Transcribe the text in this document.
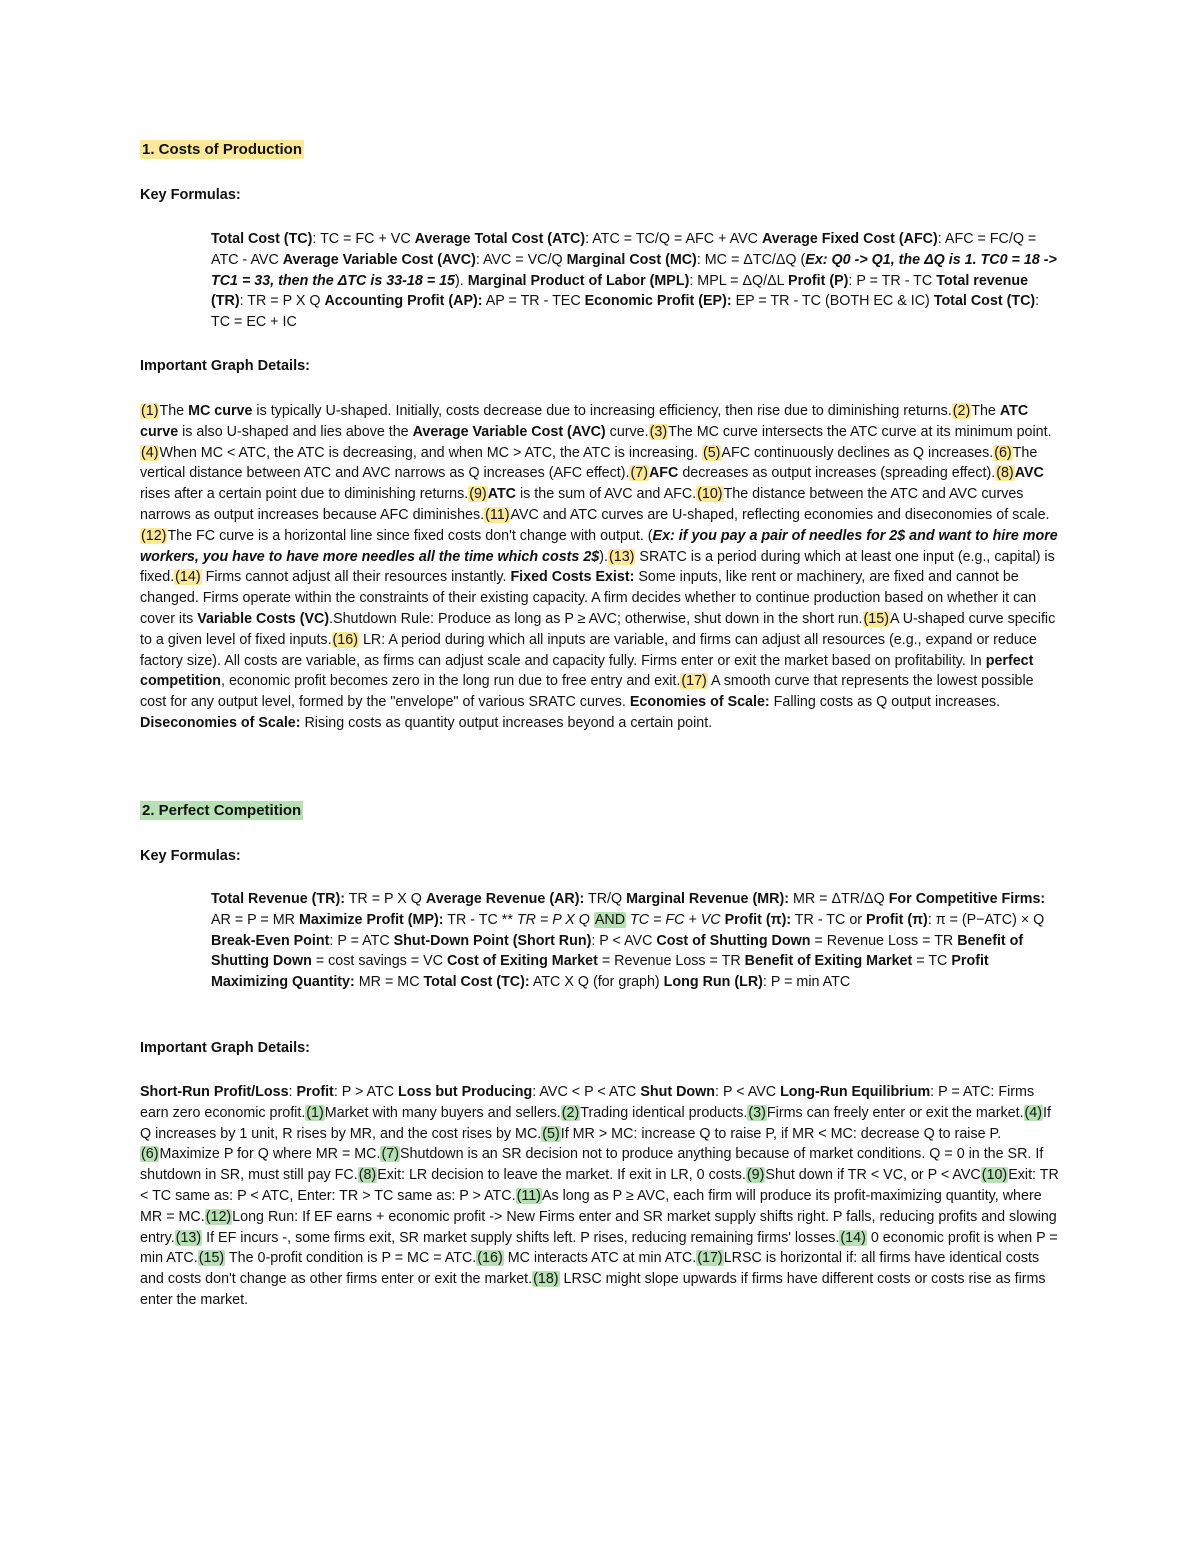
1. Costs of Production
Key Formulas:
Total Cost (TC): TC = FC + VC Average Total Cost (ATC): ATC = TC/Q = AFC + AVC Average Fixed Cost (AFC): AFC = FC/Q = ATC - AVC Average Variable Cost (AVC): AVC = VC/Q Marginal Cost (MC): MC = ΔTC/ΔQ (Ex: Q0 -> Q1, the ΔQ is 1. TC0 = 18 -> TC1 = 33, then the ΔTC is 33-18 = 15). Marginal Product of Labor (MPL): MPL = ΔQ/ΔL Profit (P): P = TR - TC Total revenue (TR): TR = P X Q Accounting Profit (AP): AP = TR - TEC Economic Profit (EP): EP = TR - TC (BOTH EC & IC) Total Cost (TC): TC = EC + IC
Important Graph Details:
(1)The MC curve is typically U-shaped. Initially, costs decrease due to increasing efficiency, then rise due to diminishing returns.(2)The ATC curve is also U-shaped and lies above the Average Variable Cost (AVC) curve.(3)The MC curve intersects the ATC curve at its minimum point. (4)When MC < ATC, the ATC is decreasing, and when MC > ATC, the ATC is increasing. (5)AFC continuously declines as Q increases.(6)The vertical distance between ATC and AVC narrows as Q increases (AFC effect).(7)AFC decreases as output increases (spreading effect).(8)AVC rises after a certain point due to diminishing returns.(9)ATC is the sum of AVC and AFC.(10)The distance between the ATC and AVC curves narrows as output increases because AFC diminishes.(11)AVC and ATC curves are U-shaped, reflecting economies and diseconomies of scale.(12)The FC curve is a horizontal line since fixed costs don't change with output. (Ex: if you pay a pair of needles for 2$ and want to hire more workers, you have to have more needles all the time which costs 2$).(13) SRATC is a period during which at least one input (e.g., capital) is fixed.(14) Firms cannot adjust all their resources instantly. Fixed Costs Exist: Some inputs, like rent or machinery, are fixed and cannot be changed. Firms operate within the constraints of their existing capacity. A firm decides whether to continue production based on whether it can cover its Variable Costs (VC).Shutdown Rule: Produce as long as P ≥ AVC; otherwise, shut down in the short run.(15)A U-shaped curve specific to a given level of fixed inputs.(16) LR: A period during which all inputs are variable, and firms can adjust all resources (e.g., expand or reduce factory size). All costs are variable, as firms can adjust scale and capacity fully. Firms enter or exit the market based on profitability. In perfect competition, economic profit becomes zero in the long run due to free entry and exit.(17) A smooth curve that represents the lowest possible cost for any output level, formed by the "envelope" of various SRATC curves. Economies of Scale: Falling costs as Q output increases. Diseconomies of Scale: Rising costs as quantity output increases beyond a certain point.
2. Perfect Competition
Key Formulas:
Total Revenue (TR): TR = P X Q Average Revenue (AR): TR/Q Marginal Revenue (MR): MR = ΔTR/ΔQ For Competitive Firms: AR = P = MR Maximize Profit (MP): TR - TC ** TR = P X Q AND TC = FC + VC Profit (π): TR - TC or Profit (π): π = (P−ATC) × Q Break-Even Point: P = ATC Shut-Down Point (Short Run): P < AVC Cost of Shutting Down = Revenue Loss = TR Benefit of Shutting Down = cost savings = VC Cost of Exiting Market = Revenue Loss = TR Benefit of Exiting Market = TC Profit Maximizing Quantity: MR = MC Total Cost (TC): ATC X Q (for graph) Long Run (LR): P = min ATC
Important Graph Details:
Short-Run Profit/Loss: Profit: P > ATC Loss but Producing: AVC < P < ATC Shut Down: P < AVC Long-Run Equilibrium: P = ATC: Firms earn zero economic profit.(1)Market with many buyers and sellers.(2)Trading identical products.(3)Firms can freely enter or exit the market.(4)If Q increases by 1 unit, R rises by MR, and the cost rises by MC.(5)If MR > MC: increase Q to raise P, if MR < MC: decrease Q to raise P.(6)Maximize P for Q where MR = MC.(7)Shutdown is an SR decision not to produce anything because of market conditions. Q = 0 in the SR. If shutdown in SR, must still pay FC.(8)Exit: LR decision to leave the market. If exit in LR, 0 costs.(9)Shut down if TR < VC, or P < AVC(10)Exit: TR < TC same as: P < ATC, Enter: TR > TC same as: P > ATC.(11)As long as P ≥ AVC, each firm will produce its profit-maximizing quantity, where MR = MC.(12)Long Run: If EF earns + economic profit -> New Firms enter and SR market supply shifts right. P falls, reducing profits and slowing entry.(13) If EF incurs -, some firms exit, SR market supply shifts left. P rises, reducing remaining firms' losses.(14) 0 economic profit is when P = min ATC.(15) The 0-profit condition is P = MC = ATC.(16) MC interacts ATC at min ATC.(17)LRSC is horizontal if: all firms have identical costs and costs don't change as other firms enter or exit the market.(18) LRSC might slope upwards if firms have different costs or costs rise as firms enter the market.
